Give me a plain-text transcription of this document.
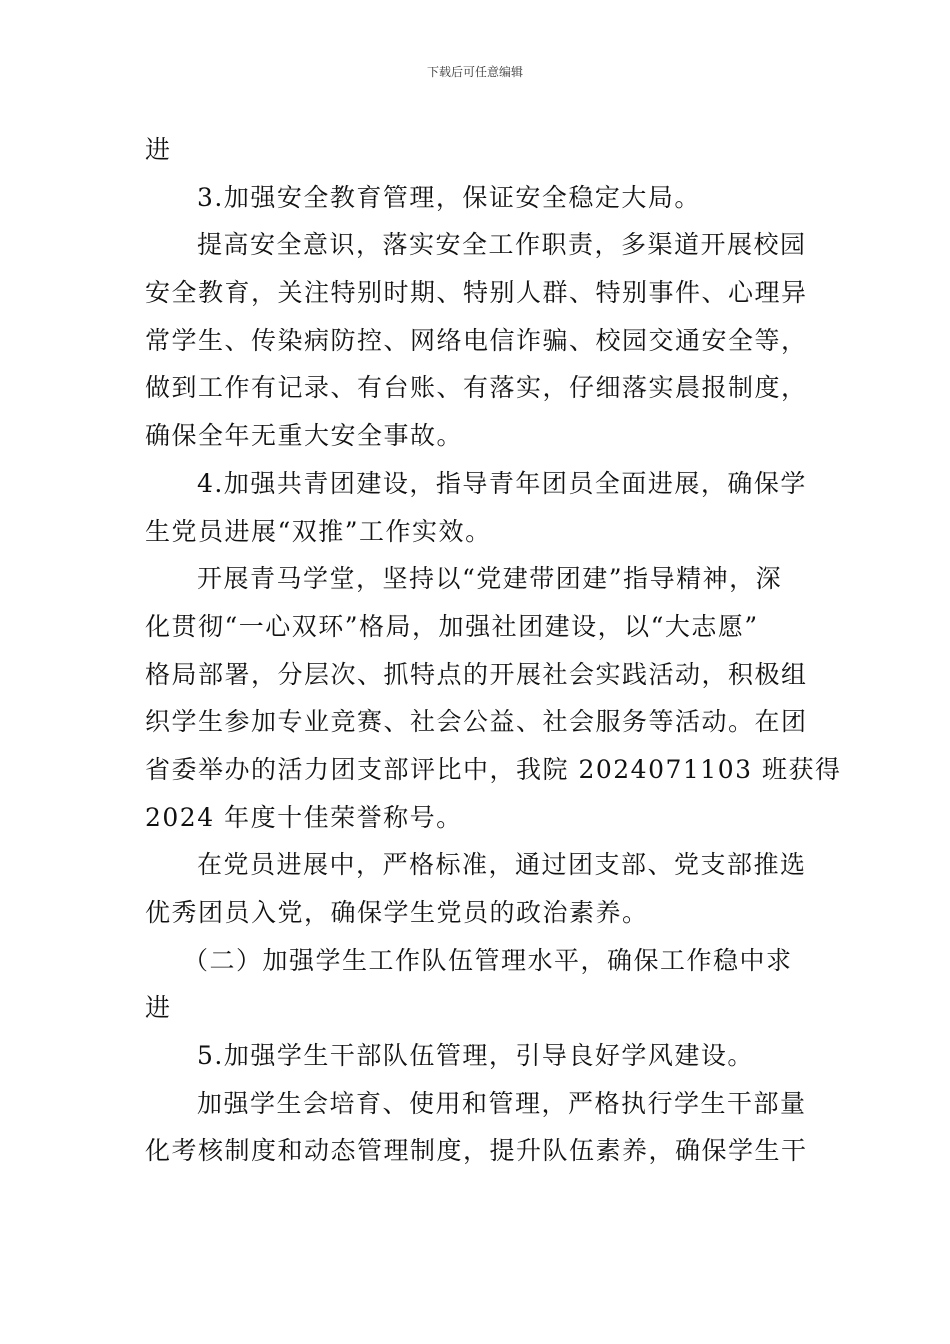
下载后可任意编辑
进
3.加强安全教育管理，保证安全稳定大局。
提高安全意识，落实安全工作职责，多渠道开展校园
安全教育，关注特别时期、特别人群、特别事件、心理异
常学生、传染病防控、网络电信诈骗、校园交通安全等，
做到工作有记录、有台账、有落实，仔细落实晨报制度，
确保全年无重大安全事故。
4.加强共青团建设，指导青年团员全面进展，确保学
生党员进展“双推”工作实效。
开展青马学堂，坚持以“党建带团建”指导精神，深
化贯彻“一心双环”格局，加强社团建设，以“大志愿”
格局部署，分层次、抓特点的开展社会实践活动，积极组
织学生参加专业竞赛、社会公益、社会服务等活动。在团
省委举办的活力团支部评比中，我院 2024071103 班获得
2024 年度十佳荣誉称号。
在党员进展中，严格标准，通过团支部、党支部推选
优秀团员入党，确保学生党员的政治素养。
（二）加强学生工作队伍管理水平，确保工作稳中求
进
5.加强学生干部队伍管理，引导良好学风建设。
加强学生会培育、使用和管理，严格执行学生干部量
化考核制度和动态管理制度，提升队伍素养，确保学生干
